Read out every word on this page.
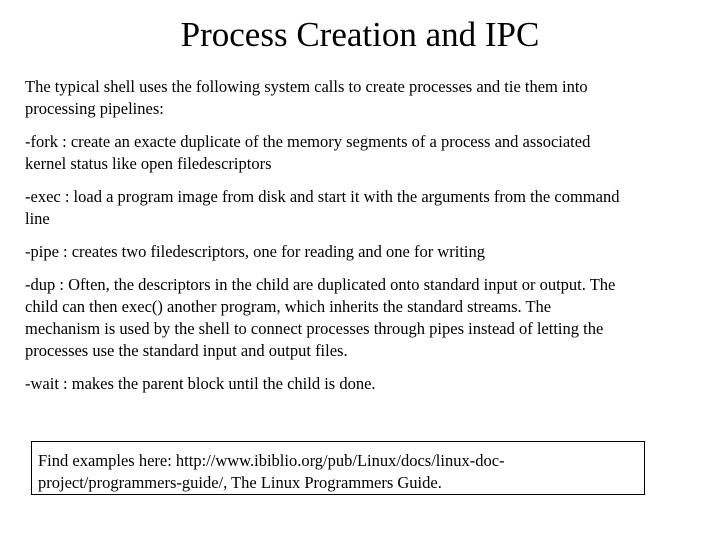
Process Creation and IPC

The typical shell uses the following system calls to create processes and tie them into
processing pipelines:

-fork : create an exacte duplicate of the memory segments of a process and associated
kernel status like open filedescriptors

-exec : load a program image from disk and start it with the arguments from the command
line

-pipe : creates two filedescriptors, one for reading and one for writing

-dup : Often, the descriptors in the child are duplicated onto standard input or output. The
child can then exec() another program, which inherits the standard streams. The
mechanism is used by the shell to connect processes through pipes instead of letting the
processes use the standard input and output files.

-wait : makes the parent block until the child is done.

Find examples here: http://www.ibiblio.org/pub/Linux/docs/linux-doc-
project/programmers-guide/, The Linux Programmers Guide.
